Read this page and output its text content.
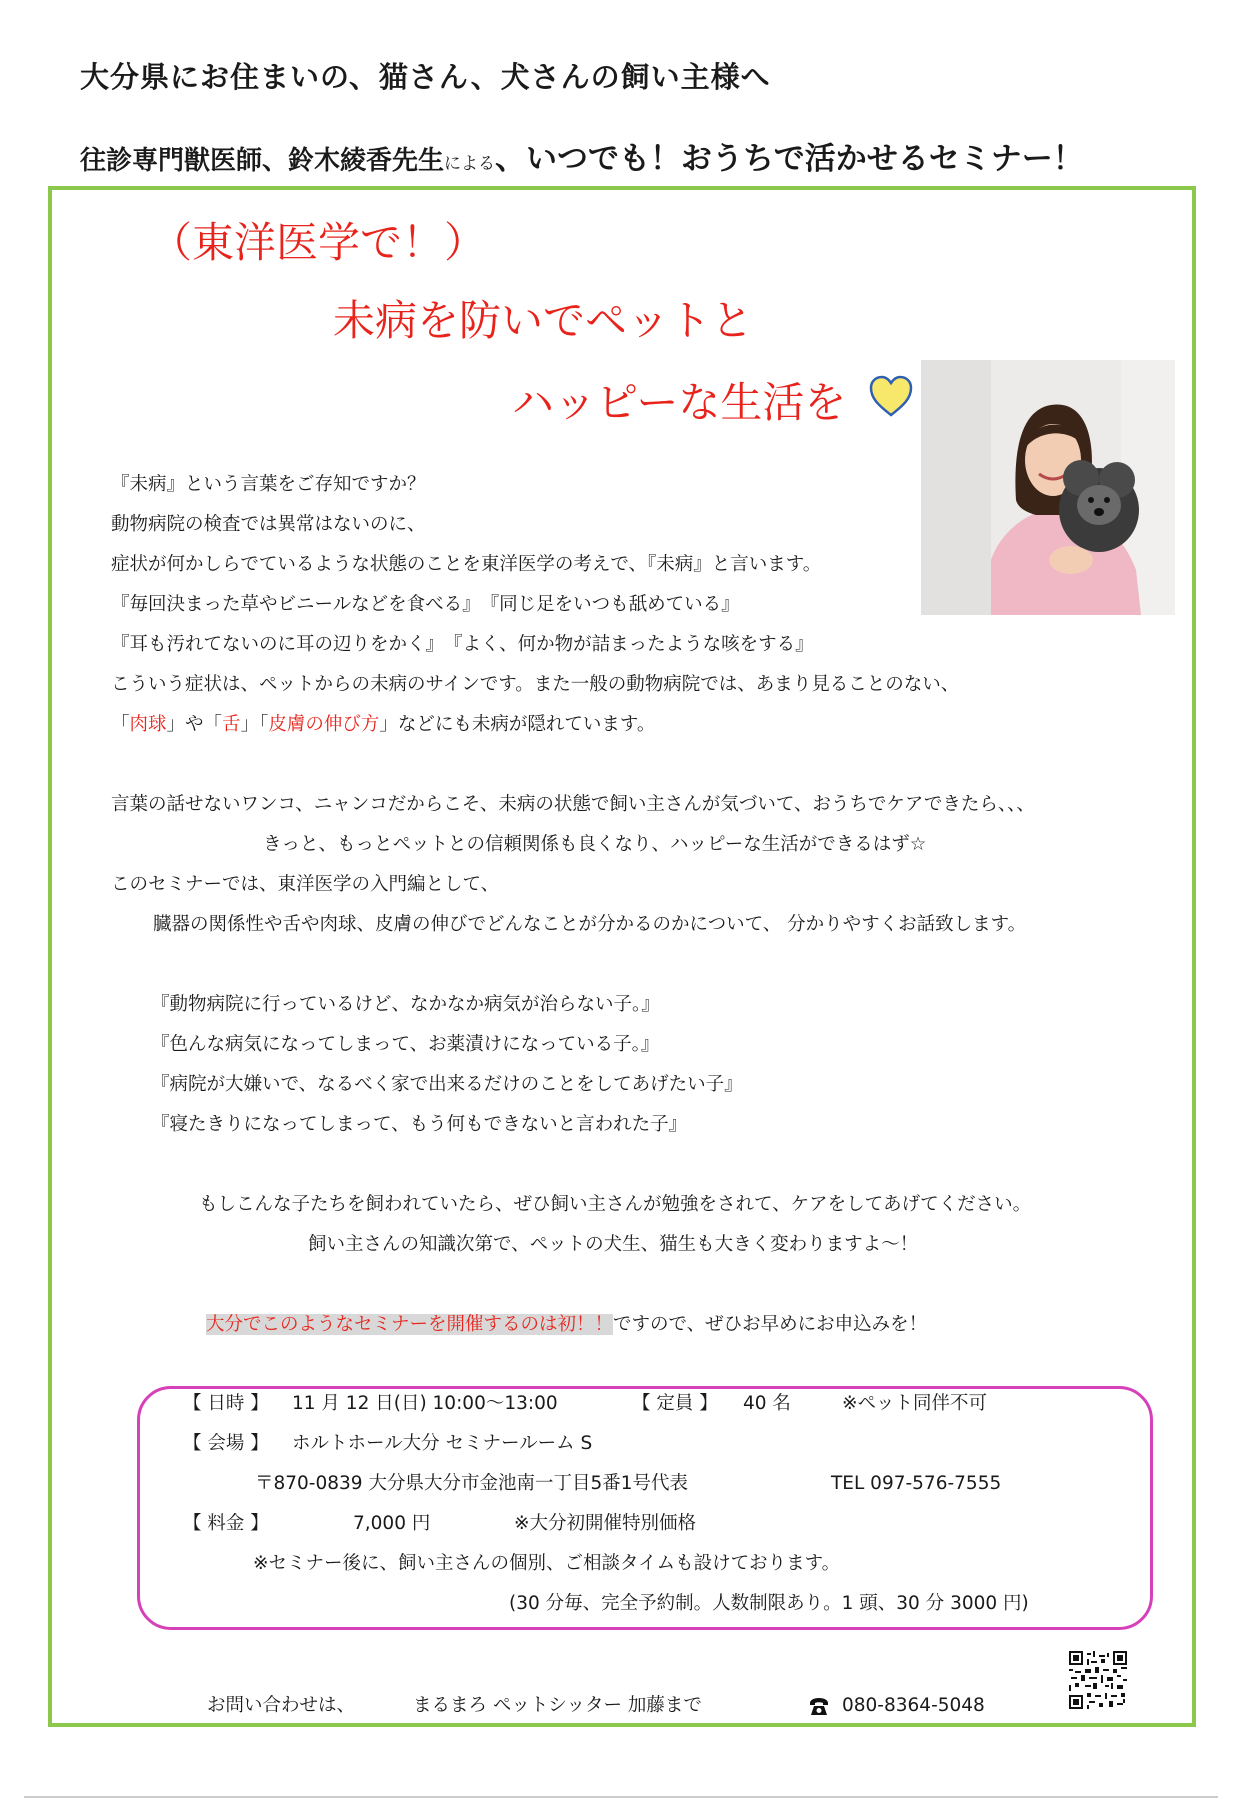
大分県にお住まいの、猫さん、犬さんの飼い主様へ
往診専門獣医師、鈴木綾香先生による、いつでも！おうちで活かせるセミナー！
（東洋医学で！）
未病を防いでペットと
ハッピーな生活を
『未病』という言葉をご存知ですか？
動物病院の検査では異常はないのに、
症状が何かしらでているような状態のことを東洋医学の考えで、『未病』と言います。
『毎回決まった草やビニールなどを食べる』　『同じ足をいつも舐めている』
『耳も汚れてないのに耳の辺りをかく』　『よく、何か物が詰まったような咳をする』
こういう症状は、ペットからの未病のサインです。また一般の動物病院では、あまり見ることのない、
「肉球」や「舌」「皮膚の伸び方」などにも未病が隠れています。
言葉の話せないワンコ、ニャンコだからこそ、未病の状態で飼い主さんが気づいて、おうちでケアできたら、、、
きっと、もっとペットとの信頼関係も良くなり、ハッピーな生活ができるはず☆
このセミナーでは、東洋医学の入門編として、
臓器の関係性や舌や肉球、皮膚の伸びでどんなことが分かるのかについて、 分かりやすくお話致します。
『動物病院に行っているけど、なかなか病気が治らない子。』
『色んな病気になってしまって、お薬漬けになっている子。』
『病院が大嫌いで、なるべく家で出来るだけのことをしてあげたい子』
『寝たきりになってしまって、もう何もできないと言われた子』
もしこんな子たちを飼われていたら、ぜひ飼い主さんが勉強をされて、ケアをしてあげてください。
飼い主さんの知識次第で、ペットの犬生、猫生も大きく変わりますよ～！
大分でこのようなセミナーを開催するのは初！！ですので、ぜひお早めにお申込みを！
【 日時 】 11 月 12 日(日) 10:00～13:00	【 定員 】 40 名	※ペット同伴不可
【 会場 】 ホルトホール大分 セミナールーム S
〒870-0839 大分県大分市金池南一丁目5番1号代表	TEL 097-576-7555
【 料金 】	7,000 円	※大分初開催特別価格
※セミナー後に、飼い主さんの個別、ご相談タイムも設けております。
(30 分毎、完全予約制。人数制限あり。1 頭、30 分 3000 円)
お問い合わせは、	まるまろ ペットシッター 加藤まで	080-8364-5048
